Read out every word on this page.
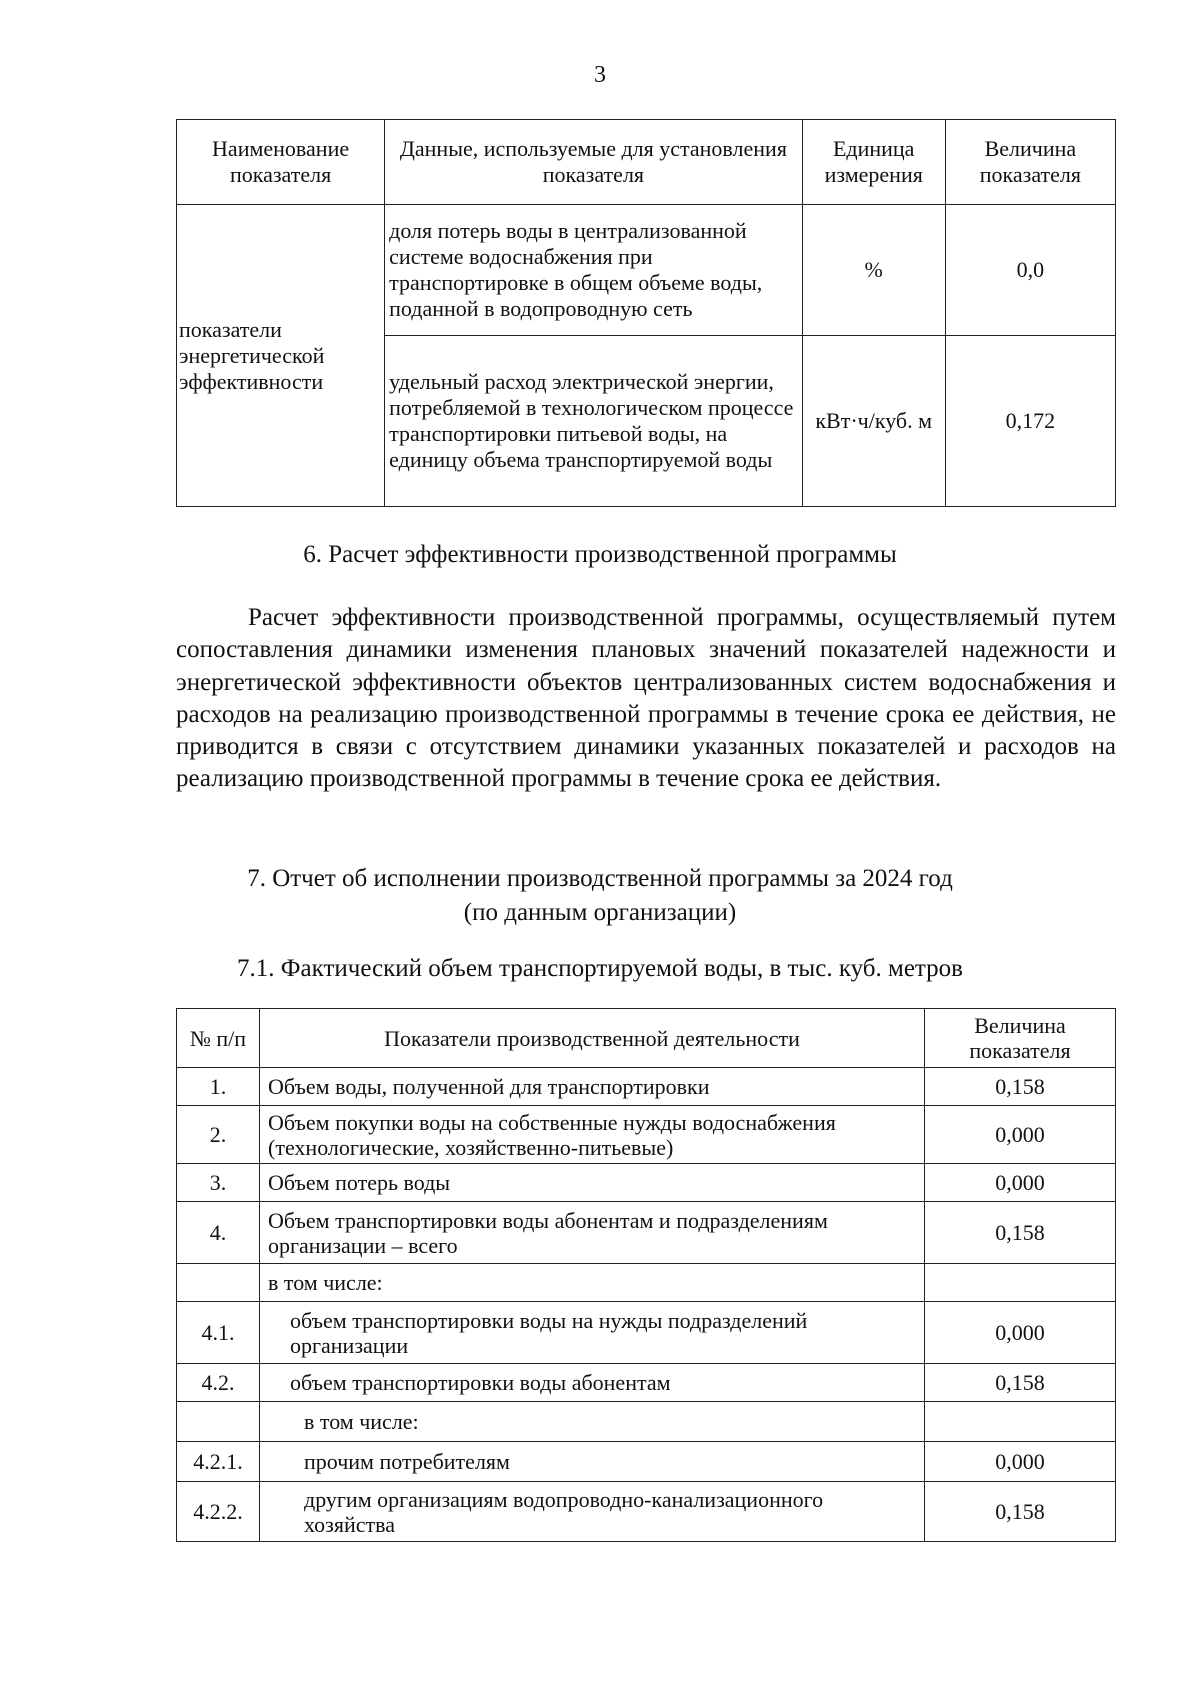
3
Наименование показателя	Данные, используемые для установления показателя	Единица измерения	Величина показателя
показатели энергетической эффективности	доля потерь воды в централизованной системе водоснабжения при транспортировке в общем объеме воды, поданной в водопроводную сеть	%	0,0
	удельный расход электрической энергии, потребляемой в технологическом процессе транспортировки питьевой воды, на единицу объема транспортируемой воды	кВт·ч/куб. м	0,172
6. Расчет эффективности производственной программы
Расчет эффективности производственной программы, осуществляемый путем сопоставления динамики изменения плановых значений показателей надежности и энергетической эффективности объектов централизованных систем водоснабжения и расходов на реализацию производственной программы в течение срока ее действия, не приводится в связи с отсутствием динамики указанных показателей и расходов на реализацию производственной программы в течение срока ее действия.
7. Отчет об исполнении производственной программы за 2024 год
(по данным организации)
7.1. Фактический объем транспортируемой воды, в тыс. куб. метров
№ п/п	Показатели производственной деятельности	Величина показателя
1.	Объем воды, полученной для транспортировки	0,158
2.	Объем покупки воды на собственные нужды водоснабжения (технологические, хозяйственно-питьевые)	0,000
3.	Объем потерь воды	0,000
4.	Объем транспортировки воды абонентам и подразделениям организации – всего	0,158
	в том числе:	
4.1.	объем транспортировки воды на нужды подразделений организации	0,000
4.2.	объем транспортировки воды абонентам	0,158
	в том числе:	
4.2.1.	прочим потребителям	0,000
4.2.2.	другим организациям водопроводно-канализационного хозяйства	0,158
